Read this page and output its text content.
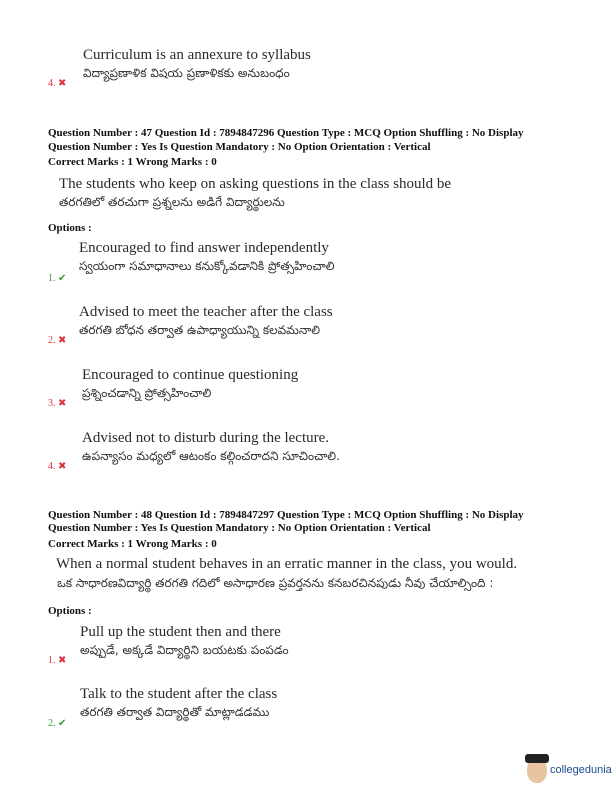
Curriculum is an annexure to syllabus
విద్యాప్రణాళిక విషయ ప్రణాళికకు అనుబంధం
4. ✖
Question Number : 47 Question Id : 7894847296 Question Type : MCQ Option Shuffling : No Display
Question Number : Yes Is Question Mandatory : No Option Orientation : Vertical
Correct Marks : 1 Wrong Marks : 0
The students who keep on asking questions in the class should be
తరగతిలో తరచుగా ప్రశ్నలను అడిగే విద్యార్థులను
Options :
Encouraged to find answer independently
స్వయంగా సమాధానాలు కనుక్కోవడానికి ప్రోత్సహించాలి
1. ✔
Advised to meet the teacher after the class
తరగతి బోధన తర్వాత ఉపాధ్యాయున్ని కలవమనాలి
2. ✖
Encouraged to continue questioning
ప్రశ్నించడాన్ని ప్రోత్సహించాలి
3. ✖
Advised not to disturb during the lecture.
ఉపన్యాసం మధ్యలో ఆటంకం కల్గించరాదని సూచించాలి.
4. ✖
Question Number : 48 Question Id : 7894847297 Question Type : MCQ Option Shuffling : No Display
Question Number : Yes Is Question Mandatory : No Option Orientation : Vertical
Correct Marks : 1 Wrong Marks : 0
When a normal student behaves in an erratic manner in the class, you would.
ఒక సాధారణవిద్యార్థి తరగతి గదిలో అసాధారణ ప్రవర్తనను కనబరచినపుడు నీవు చేయాల్సింది :
Options :
Pull up the student then and there
అప్పుడే, అక్కడే విద్యార్థిని బయటకు పంపడం
1. ✖
Talk to the student after the class
తరగతి తర్వాత విద్యార్థితో మాట్లాడడము
2. ✔
collegedunia
